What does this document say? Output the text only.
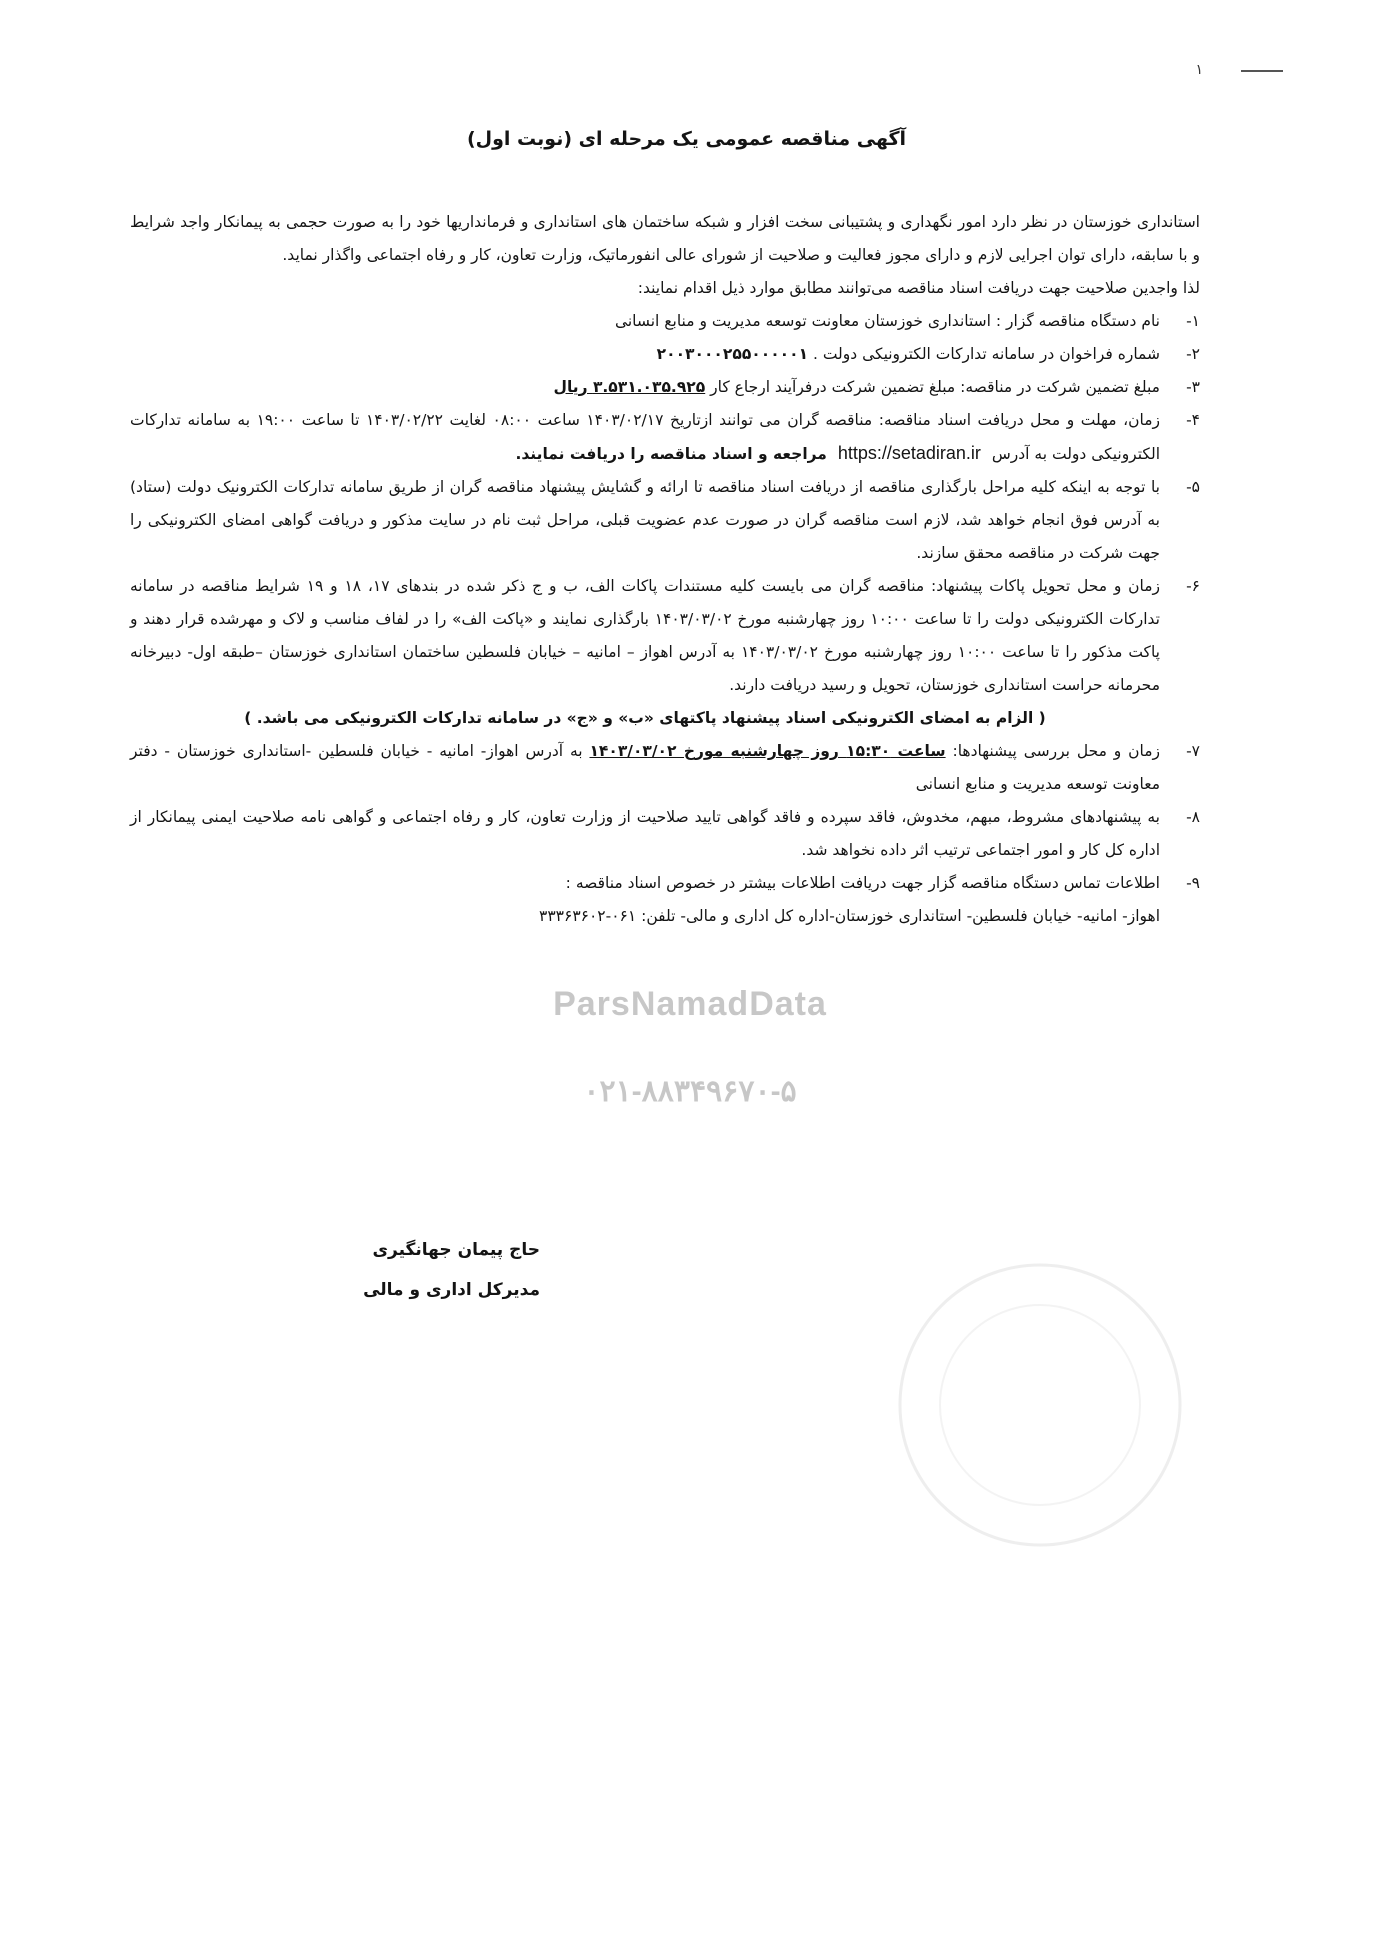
۱
آگهی مناقصه عمومی یک مرحله ای (نوبت اول)

استانداری خوزستان در نظر دارد امور نگهداری و پشتیبانی سخت افزار و شبکه ساختمان های استانداری و فرمانداریها خود را به صورت حجمی به پیمانکار واجد شرایط و با سابقه، دارای توان اجرایی لازم و دارای مجوز فعالیت و صلاحیت از شورای عالی انفورماتیک، وزارت تعاون، کار و رفاه اجتماعی واگذار نماید.

لذا واجدین صلاحیت جهت دریافت اسناد مناقصه می‌توانند مطابق موارد ذیل اقدام نمایند:

۱-
نام دستگاه مناقصه گزار : استانداری خوزستان معاونت توسعه مدیریت و منابع انسانی
۲-
شماره فراخوان در سامانه تدارکات الکترونیکی دولت . ۲۰۰۳۰۰۰۲۵۵۰۰۰۰۰۱
۳-
مبلغ تضمین شرکت در مناقصه: مبلغ تضمین شرکت درفرآیند ارجاع کار ۳.۵۳۱.۰۳۵.۹۲۵ ریال
۴-
زمان، مهلت و محل دریافت اسناد مناقصه: مناقصه گران می توانند ازتاریخ ۱۴۰۳/۰۲/۱۷ ساعت ۰۸:۰۰ لغایت ۱۴۰۳/۰۲/۲۲ تا ساعت ۱۹:۰۰ به سامانه تدارکات الکترونیکی دولت به آدرس https://setadiran.ir مراجعه و اسناد مناقصه را دریافت نمایند.
۵-
با توجه به اینکه کلیه مراحل بارگذاری مناقصه از دریافت اسناد مناقصه تا ارائه و گشایش پیشنهاد مناقصه گران از طریق سامانه تدارکات الکترونیک دولت (ستاد) به آدرس فوق انجام خواهد شد، لازم است مناقصه گران در صورت عدم عضویت قبلی، مراحل ثبت نام در سایت مذکور و دریافت گواهی امضای الکترونیکی را جهت شرکت در مناقصه محقق سازند.
۶-
زمان و محل تحویل پاکات پیشنهاد: مناقصه گران می بایست کلیه مستندات پاکات الف، ب و ج ذکر شده در بندهای ۱۷، ۱۸ و ۱۹ شرایط مناقصه در سامانه تدارکات الکترونیکی دولت را تا ساعت ۱۰:۰۰ روز چهارشنبه مورخ ۱۴۰۳/۰۳/۰۲ بارگذاری نمایند و «پاکت الف» را در لفاف مناسب و لاک و مهرشده قرار دهند و پاکت مذکور را تا ساعت ۱۰:۰۰ روز چهارشنبه مورخ ۱۴۰۳/۰۳/۰۲ به آدرس اهواز – امانیه – خیابان فلسطین ساختمان استانداری خوزستان –طبقه اول- دبیرخانه محرمانه حراست استانداری خوزستان، تحویل و رسید دریافت دارند.
( الزام به امضای الکترونیکی اسناد پیشنهاد پاکتهای «ب» و «ج» در سامانه تدارکات الکترونیکی می باشد. )
۷-
زمان و محل بررسی پیشنهادها: ساعت ۱۵:۳۰ روز چهارشنبه مورخ ۱۴۰۳/۰۳/۰۲ به آدرس اهواز- امانیه - خیابان فلسطین -استانداری خوزستان - دفتر معاونت توسعه مدیریت و منابع انسانی
۸-
به پیشنهادهای مشروط، مبهم، مخدوش، فاقد سپرده و فاقد گواهی تایید صلاحیت از وزارت تعاون، کار و رفاه اجتماعی و گواهی نامه صلاحیت ایمنی پیمانکار از اداره کل کار و امور اجتماعی ترتیب اثر داده نخواهد شد.
۹-
اطلاعات تماس دستگاه مناقصه گزار جهت دریافت اطلاعات بیشتر در خصوص اسناد مناقصه :
اهواز- امانیه- خیابان فلسطین- استانداری خوزستان-اداره کل اداری و مالی- تلفن: ۰۶۱-۳۳۳۶۳۶۰۲
ParsNamadData
۰۲۱-۸۸۳۴۹۶۷۰-۵
حاج پیمان جهانگیری
مدیرکل اداری و مالی
